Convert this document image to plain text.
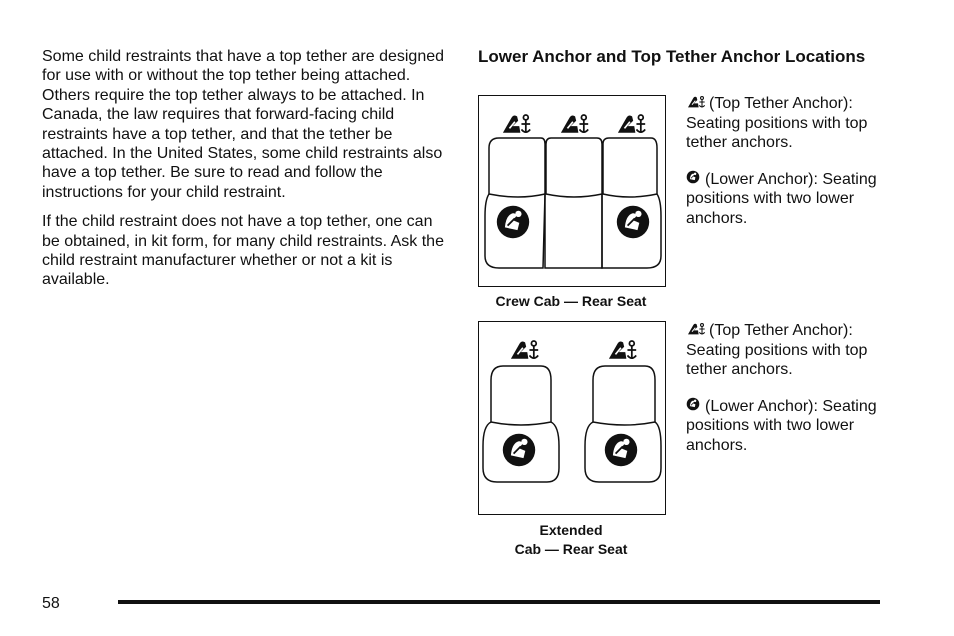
Some child restraints that have a top tether are designed for use with or without the top tether being attached. Others require the top tether always to be attached. In Canada, the law requires that forward-facing child restraints have a top tether, and that the tether be attached. In the United States, some child restraints also have a top tether. Be sure to read and follow the instructions for your child restraint.

If the child restraint does not have a top tether, one can be obtained, in kit form, for many child restraints. Ask the child restraint manufacturer whether or not a kit is available.

Lower Anchor and Top Tether Anchor Locations
Crew Cab — Rear Seat

(Top Tether Anchor): Seating positions with top tether anchors.

(Lower Anchor): Seating positions with two lower anchors.

Extended
Cab — Rear Seat

(Top Tether Anchor): Seating positions with top tether anchors.

(Lower Anchor): Seating positions with two lower anchors.

58
